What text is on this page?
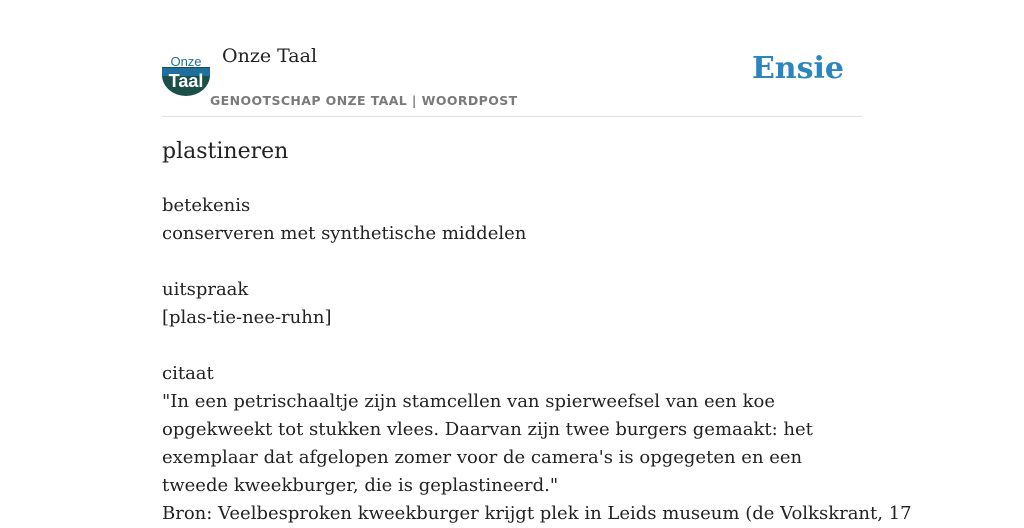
Onze
Taal
Onze Taal
GENOOTSCHAP ONZE TAAL | WOORDPOST
Ensie
plastineren
betekenis
conserveren met synthetische middelen
uitspraak
[plas-tie-nee-ruhn]
citaat
"In een petrischaaltje zijn stamcellen van spierweefsel van een koe opgekweekt tot stukken vlees. Daarvan zijn twee burgers gemaakt: het exemplaar dat afgelopen zomer voor de camera's is opgegeten en een tweede kweekburger, die is geplastineerd."
Bron: Veelbesproken kweekburger krijgt plek in Leids museum (de Volkskrant, 17
